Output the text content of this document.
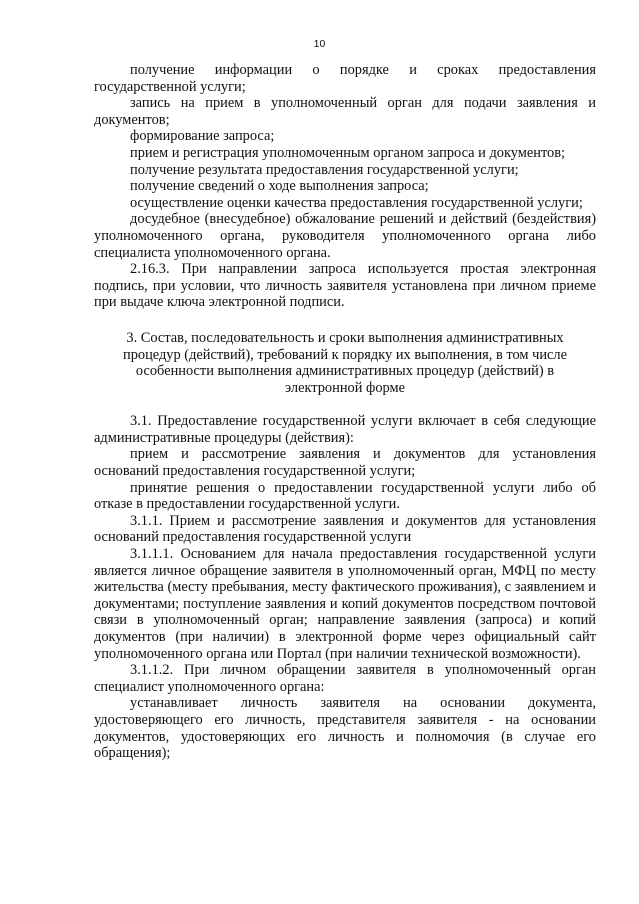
10

получение информации о порядке и сроках предоставления государственной услуги;

запись на прием в уполномоченный орган для подачи заявления и документов;

формирование запроса;

прием и регистрация уполномоченным органом запроса и документов;

получение результата предоставления государственной услуги;

получение сведений о ходе выполнения запроса;

осуществление оценки качества предоставления государственной услуги;

досудебное (внесудебное) обжалование решений и действий (бездействия) уполномоченного органа, руководителя уполномоченного органа либо специалиста уполномоченного органа.

2.16.3. При направлении запроса используется простая электронная подпись, при условии, что личность заявителя установлена при личном приеме при выдаче ключа электронной подписи.

3. Состав, последовательность и сроки выполнения административных
процедур (действий), требований к порядку их выполнения, в том числе
особенности выполнения административных процедур (действий) в
электронной форме

3.1. Предоставление государственной услуги включает в себя следующие административные процедуры (действия):

прием и рассмотрение заявления и документов для установления оснований предоставления государственной услуги;

принятие решения о предоставлении государственной услуги либо об отказе в предоставлении государственной услуги.

3.1.1. Прием и рассмотрение заявления и документов для установления оснований предоставления государственной услуги

3.1.1.1. Основанием для начала предоставления государственной услуги является личное обращение заявителя в уполномоченный орган, МФЦ по месту жительства (месту пребывания, месту фактического проживания), с заявлением и документами; поступление заявления и копий документов посредством почтовой связи в уполномоченный орган; направление заявления (запроса) и копий документов (при наличии) в электронной форме через официальный сайт уполномоченного органа или Портал (при наличии технической возможности).

3.1.1.2. При личном обращении заявителя в уполномоченный орган специалист уполномоченного органа:

устанавливает личность заявителя на основании документа, удостоверяющего его личность, представителя заявителя - на основании документов, удостоверяющих его личность и полномочия (в случае его обращения);
